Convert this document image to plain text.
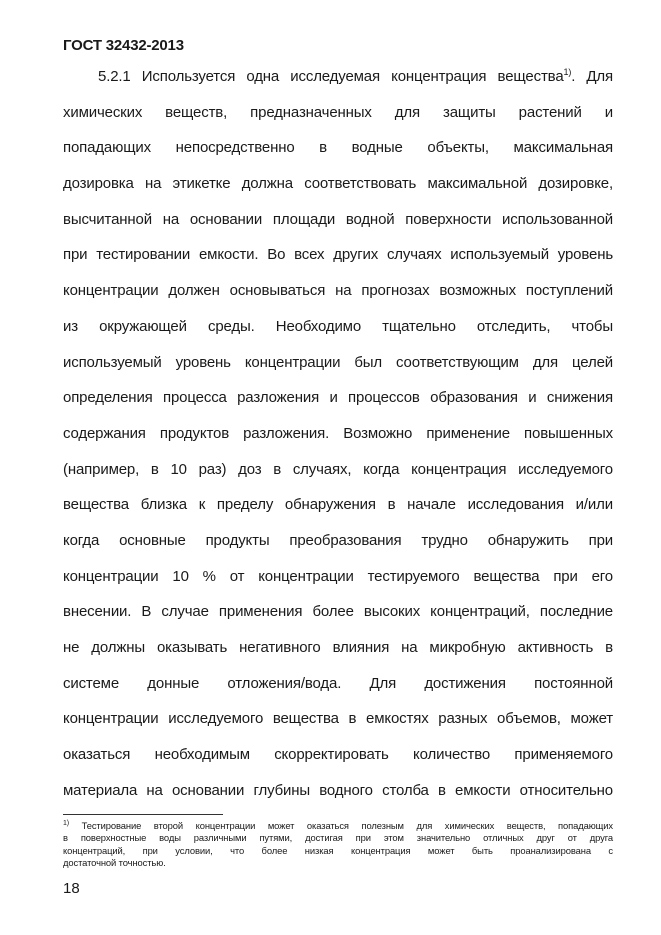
ГОСТ 32432-2013
5.2.1 Используется одна исследуемая концентрация вещества$^{1)}$. Для
химических веществ, предназначенных для защиты растений и
попадающих непосредственно в водные объекты, максимальная
дозировка на этикетке должна соответствовать максимальной дозировке,
высчитанной на основании площади водной поверхности использованной
при тестировании емкости. Во всех других случаях используемый уровень
концентрации должен основываться на прогнозах возможных поступлений
из окружающей среды. Необходимо тщательно отследить, чтобы
используемый уровень концентрации был соответствующим для целей
определения процесса разложения и процессов образования и снижения
содержания продуктов разложения. Возможно применение повышенных
(например, в 10 раз) доз в случаях, когда концентрация исследуемого
вещества близка к пределу обнаружения в начале исследования и/или
когда основные продукты преобразования трудно обнаружить при
концентрации 10 % от концентрации тестируемого вещества при его
внесении. В случае применения более высоких концентраций, последние
не должны оказывать негативного влияния на микробную активность в
системе донные отложения/вода. Для достижения постоянной
концентрации исследуемого вещества в емкостях разных объемов, может
оказаться необходимым скорректировать количество применяемого
материала на основании глубины водного столба в емкости относительно
$^{1)}$ Тестирование второй концентрации может оказаться полезным для химических веществ, попадающих
в поверхностные воды различными путями, достигая при этом значительно отличных друг от друга
концентраций, при условии, что более низкая концентрация может быть проанализирована с
достаточной точностью.
18
